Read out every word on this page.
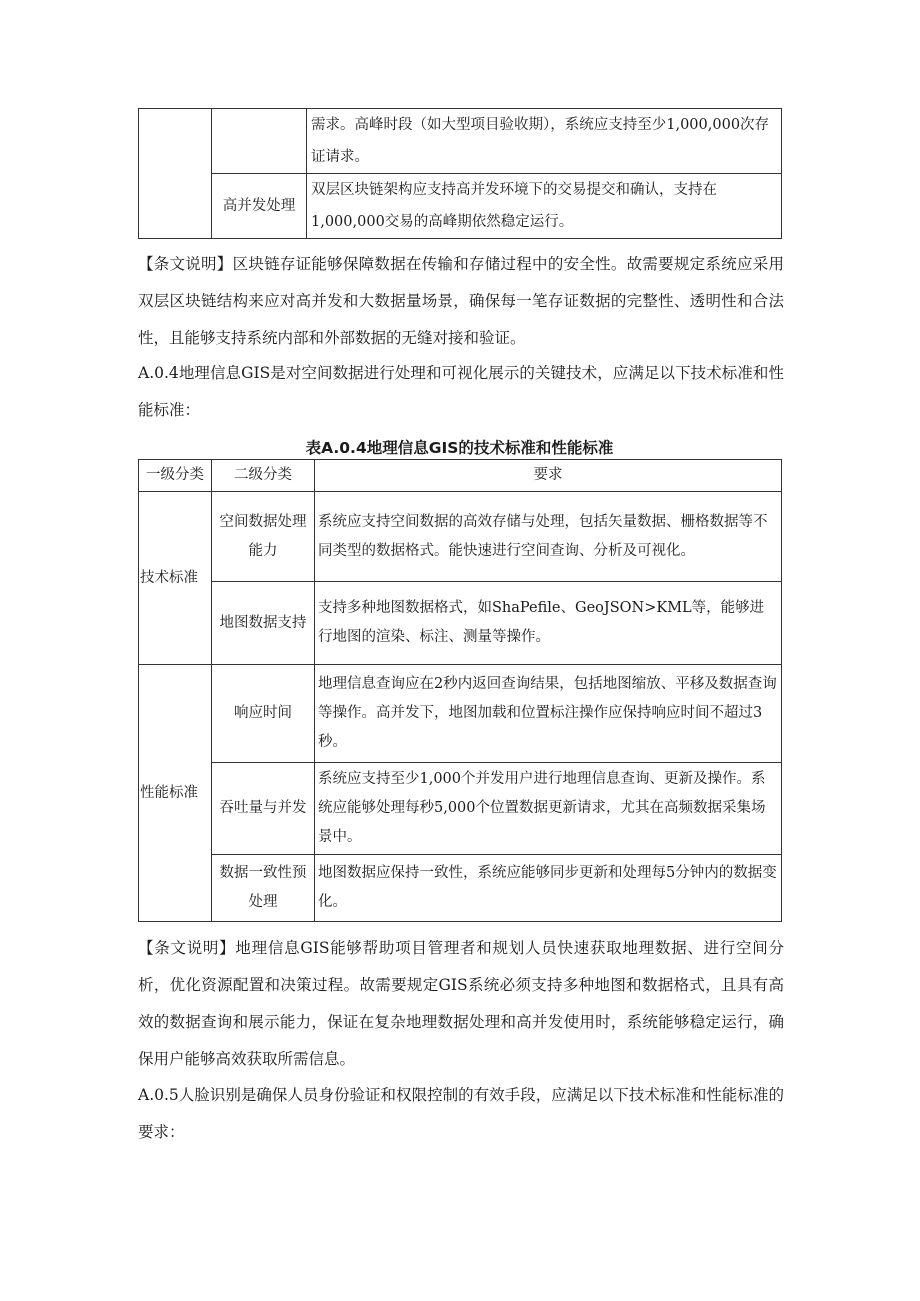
		需求。高峰时段（如大型项目验收期），系统应支持至少1,000,000次存证请求。
	高并发处理	双层区块链架构应支持高并发环境下的交易提交和确认，支持在1,000,000交易的高峰期依然稳定运行。

【条文说明】区块链存证能够保障数据在传输和存储过程中的安全性。故需要规定系统应采用双层区块链结构来应对高并发和大数据量场景，确保每一笔存证数据的完整性、透明性和合法性，且能够支持系统内部和外部数据的无缝对接和验证。

A.0.4地理信息GIS是对空间数据进行处理和可视化展示的关键技术，应满足以下技术标准和性能标准：

表A.0.4地理信息GIS的技术标准和性能标准
一级分类	二级分类	要求
技术标准	空间数据处理能力	系统应支持空间数据的高效存储与处理，包括矢量数据、栅格数据等不同类型的数据格式。能快速进行空间查询、分析及可视化。
	地图数据支持	支持多种地图数据格式，如ShaPefile、GeoJSON>KML等，能够进行地图的渲染、标注、测量等操作。
性能标准	响应时间	地理信息查询应在2秒内返回查询结果，包括地图缩放、平移及数据查询等操作。高并发下，地图加载和位置标注操作应保持响应时间不超过3秒。
	吞吐量与并发	系统应支持至少1,000个并发用户进行地理信息查询、更新及操作。系统应能够处理每秒5,000个位置数据更新请求，尤其在高频数据采集场景中。
	数据一致性预处理	地图数据应保持一致性，系统应能够同步更新和处理每5分钟内的数据变化。

【条文说明】地理信息GIS能够帮助项目管理者和规划人员快速获取地理数据、进行空间分析，优化资源配置和决策过程。故需要规定GIS系统必须支持多种地图和数据格式，且具有高效的数据查询和展示能力，保证在复杂地理数据处理和高并发使用时，系统能够稳定运行，确保用户能够高效获取所需信息。

A.0.5人脸识别是确保人员身份验证和权限控制的有效手段，应满足以下技术标准和性能标准的要求：
